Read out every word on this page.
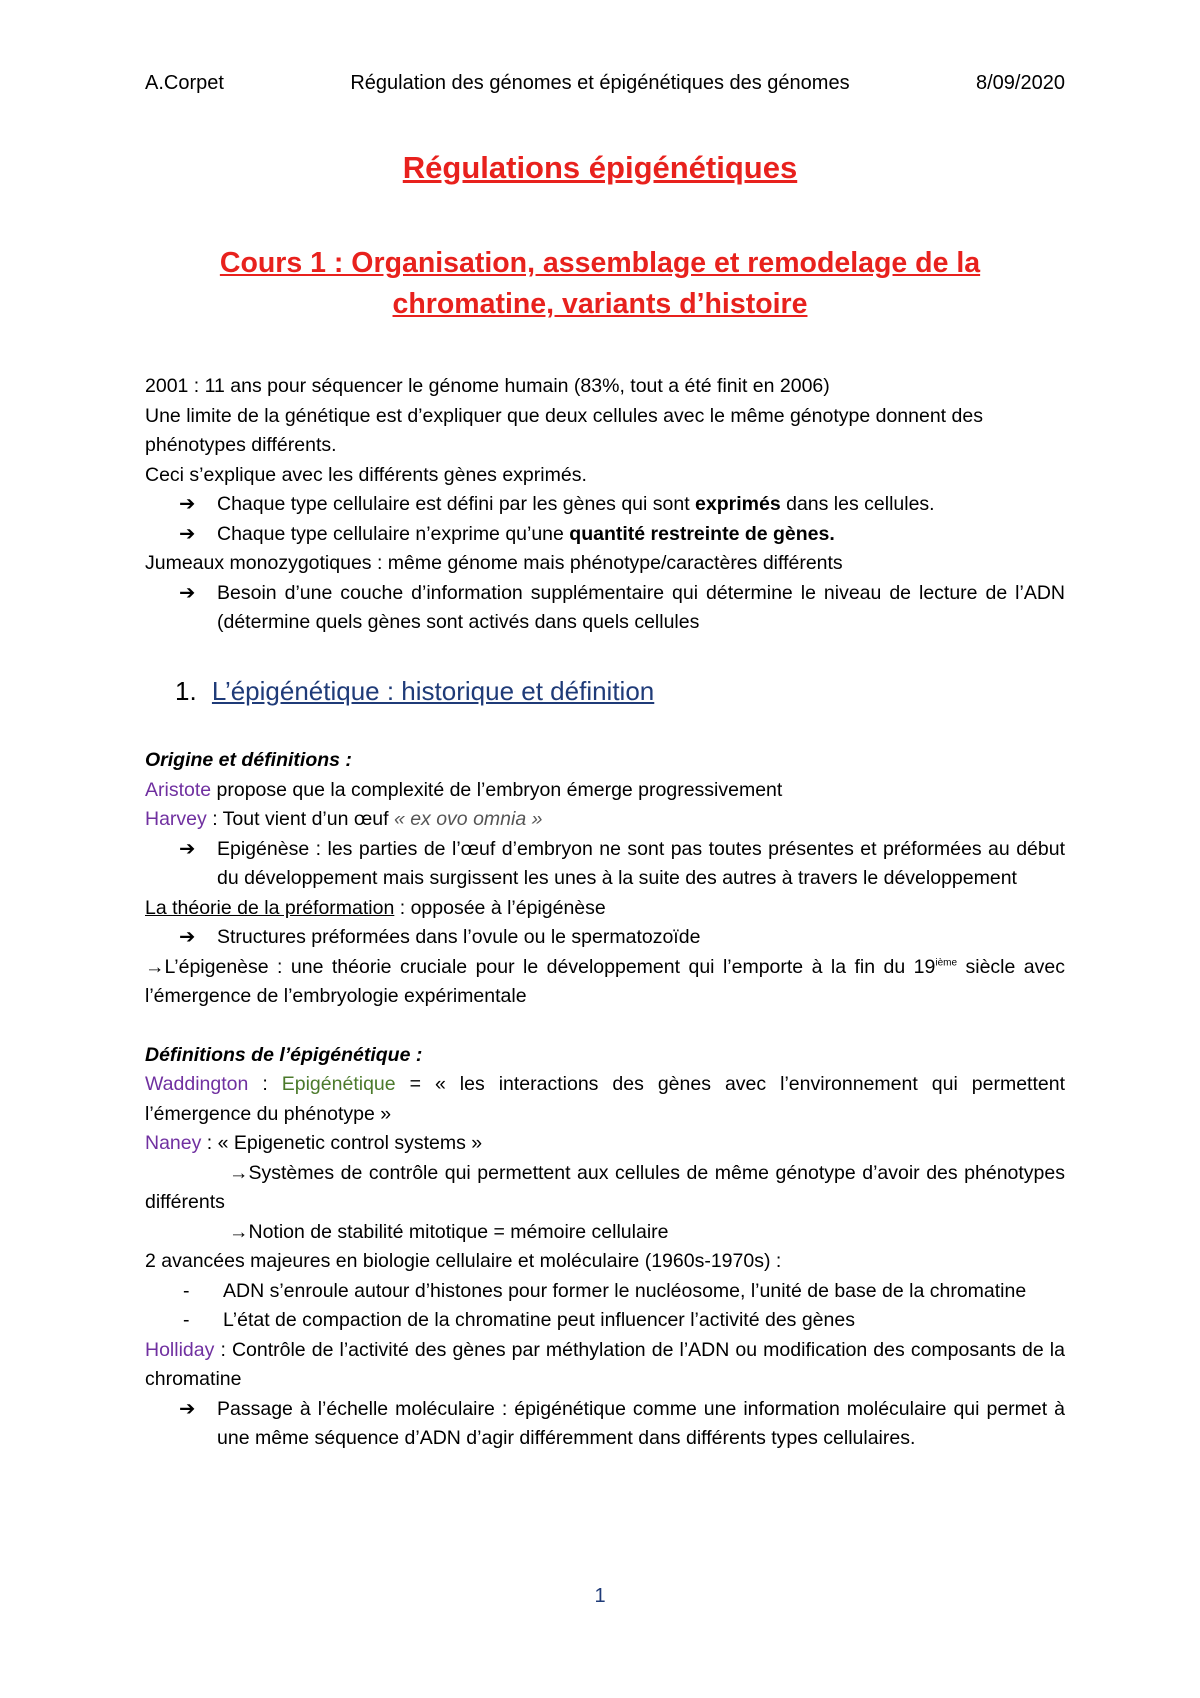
A.Corpet	Régulation des génomes et épigénétiques des génomes	8/09/2020
Régulations épigénétiques
Cours 1 : Organisation, assemblage et remodelage de la
chromatine, variants d’histoire

2001 : 11 ans pour séquencer le génome humain (83%, tout a été finit en 2006)

Une limite de la génétique est d’expliquer que deux cellules avec le même génotype donnent des phénotypes différents.

Ceci s’explique avec les différents gènes exprimés.

➔	Chaque type cellulaire est défini par les gènes qui sont exprimés dans les cellules.
➔	Chaque type cellulaire n’exprime qu’une quantité restreinte de gènes.

Jumeaux monozygotiques : même génome mais phénotype/caractères différents

➔	Besoin d’une couche d’information supplémentaire qui détermine le niveau de lecture de l’ADN (détermine quels gènes sont activés dans quels cellules
1. L’épigénétique : historique et définition

Origine et définitions :

Aristote propose que la complexité de l’embryon émerge progressivement

Harvey : Tout vient d’un œuf « ex ovo omnia »

➔	Epigénèse : les parties de l’œuf d’embryon ne sont pas toutes présentes et préformées au début du développement mais surgissent les unes à la suite des autres à travers le développement

La théorie de la préformation : opposée à l’épigénèse

➔	Structures préformées dans l’ovule ou le spermatozoïde

→L’épigenèse : une théorie cruciale pour le développement qui l’emporte à la fin du 19ième siècle avec l’émergence de l’embryologie expérimentale

Définitions de l’épigénétique :

Waddington : Epigénétique = « les interactions des gènes avec l’environnement qui permettent l’émergence du phénotype »

Naney : « Epigenetic control systems »

→Systèmes de contrôle qui permettent aux cellules de même génotype d’avoir des phénotypes différents

→Notion de stabilité mitotique = mémoire cellulaire

2 avancées majeures en biologie cellulaire et moléculaire (1960s-1970s) :

-	ADN s’enroule autour d’histones pour former le nucléosome, l’unité de base de la chromatine
-	L’état de compaction de la chromatine peut influencer l’activité des gènes

Holliday : Contrôle de l’activité des gènes par méthylation de l’ADN ou modification des composants de la chromatine

➔	Passage à l’échelle moléculaire : épigénétique comme une information moléculaire qui permet à une même séquence d’ADN d’agir différemment dans différents types cellulaires.
1
